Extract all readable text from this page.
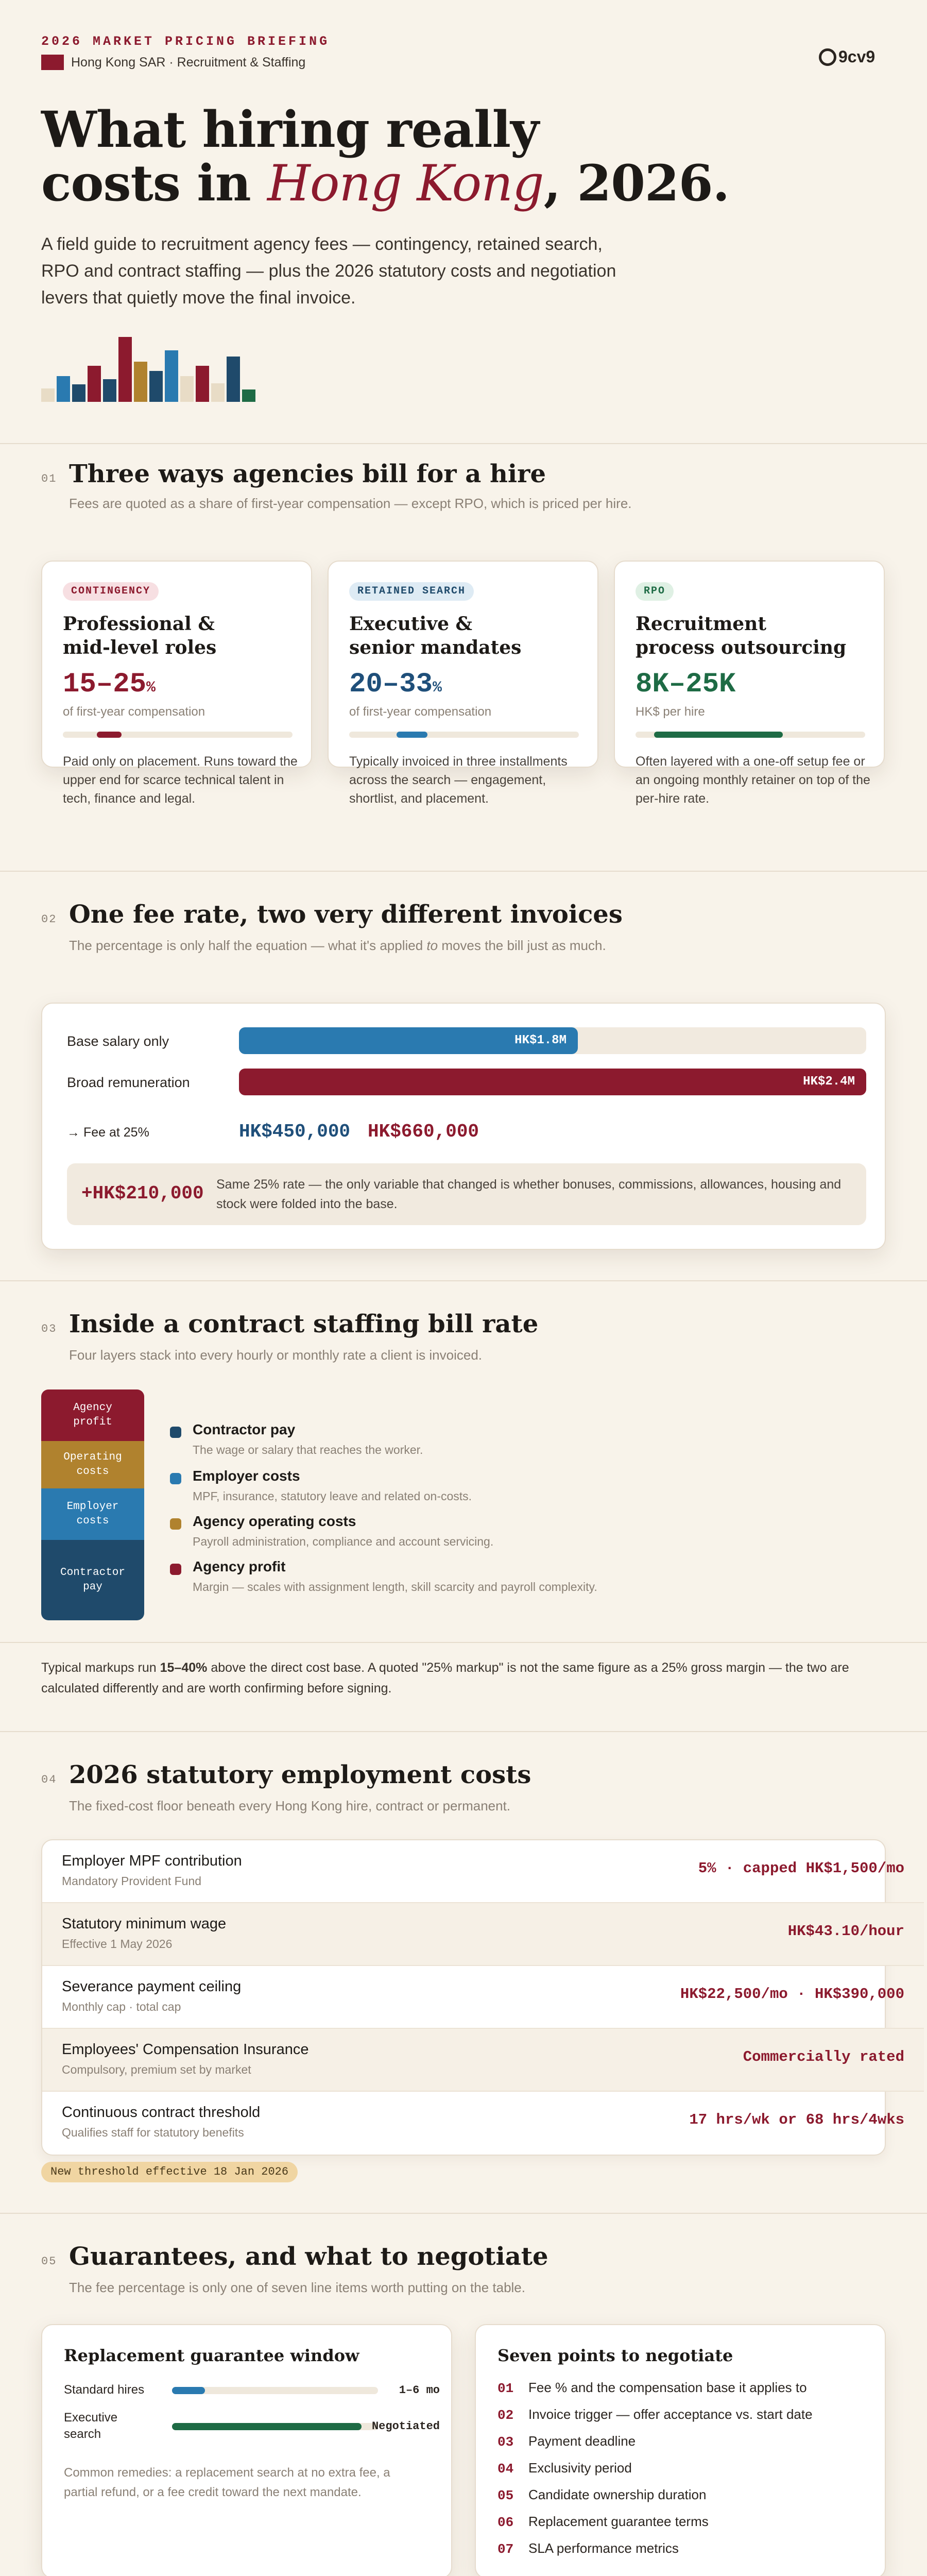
2026 MARKET PRICING BRIEFING
Hong Kong SAR · Recruitment & Staffing	9cv9
What hiring really
costs in Hong Kong, 2026.
A field guide to recruitment agency fees — contingency, retained search, RPO and contract staffing — plus the 2026 statutory costs and negotiation levers that quietly move the final invoice.
01 Three ways agencies bill for a hire
Fees are quoted as a share of first-year compensation — except RPO, which is priced per hire.
CONTINGENCY
Professional &
mid-level roles
15–25%
of first-year compensation
Paid only on placement. Runs toward the upper end for scarce technical talent in tech, finance and legal.
RETAINED SEARCH
Executive &
senior mandates
20–33%
of first-year compensation
Typically invoiced in three installments across the search — engagement, shortlist, and placement.
RPO
Recruitment
process outsourcing
8K–25K
HK$ per hire
Often layered with a one-off setup fee or an ongoing monthly retainer on top of the per-hire rate.
02 One fee rate, two very different invoices
The percentage is only half the equation — what it's applied to moves the bill just as much.
Base salary only	HK$1.8M
Broad remuneration	HK$2.4M
→ Fee at 25%	HK$450,000 HK$660,000
+HK$210,000 Same 25% rate — the only variable that changed is whether bonuses, commissions, allowances, housing and stock were folded into the base.
03 Inside a contract staffing bill rate
Four layers stack into every hourly or monthly rate a client is invoiced.
Agency
profit
Operating
costs
Employer
costs
Contractor
pay
Contractor pay
The wage or salary that reaches the worker.
Employer costs
MPF, insurance, statutory leave and related on-costs.
Agency operating costs
Payroll administration, compliance and account servicing.
Agency profit
Margin — scales with assignment length, skill scarcity and payroll complexity.
Typical markups run 15–40% above the direct cost base. A quoted "25% markup" is not the same figure as a 25% gross margin — the two are calculated differently and are worth confirming before signing.
04 2026 statutory employment costs
The fixed-cost floor beneath every Hong Kong hire, contract or permanent.
Employer MPF contribution
Mandatory Provident Fund
5% · capped HK$1,500/mo
Statutory minimum wage
Effective 1 May 2026
HK$43.10/hour
Severance payment ceiling
Monthly cap · total cap
HK$22,500/mo · HK$390,000
Employees' Compensation Insurance
Compulsory, premium set by market
Commercially rated
Continuous contract threshold
Qualifies staff for statutory benefits
17 hrs/wk or 68 hrs/4wks
New threshold effective 18 Jan 2026
05 Guarantees, and what to negotiate
The fee percentage is only one of seven line items worth putting on the table.
Replacement guarantee window
Standard hires	1–6 mo
Executive
search
Negotiated
Common remedies: a replacement search at no extra fee, a partial refund, or a fee credit toward the next mandate.
Seven points to negotiate
01 Fee % and the compensation base it applies to
02 Invoice trigger — offer acceptance vs. start date
03 Payment deadline
04 Exclusivity period
05 Candidate ownership duration
06 Replacement guarantee terms
07 SLA performance metrics
